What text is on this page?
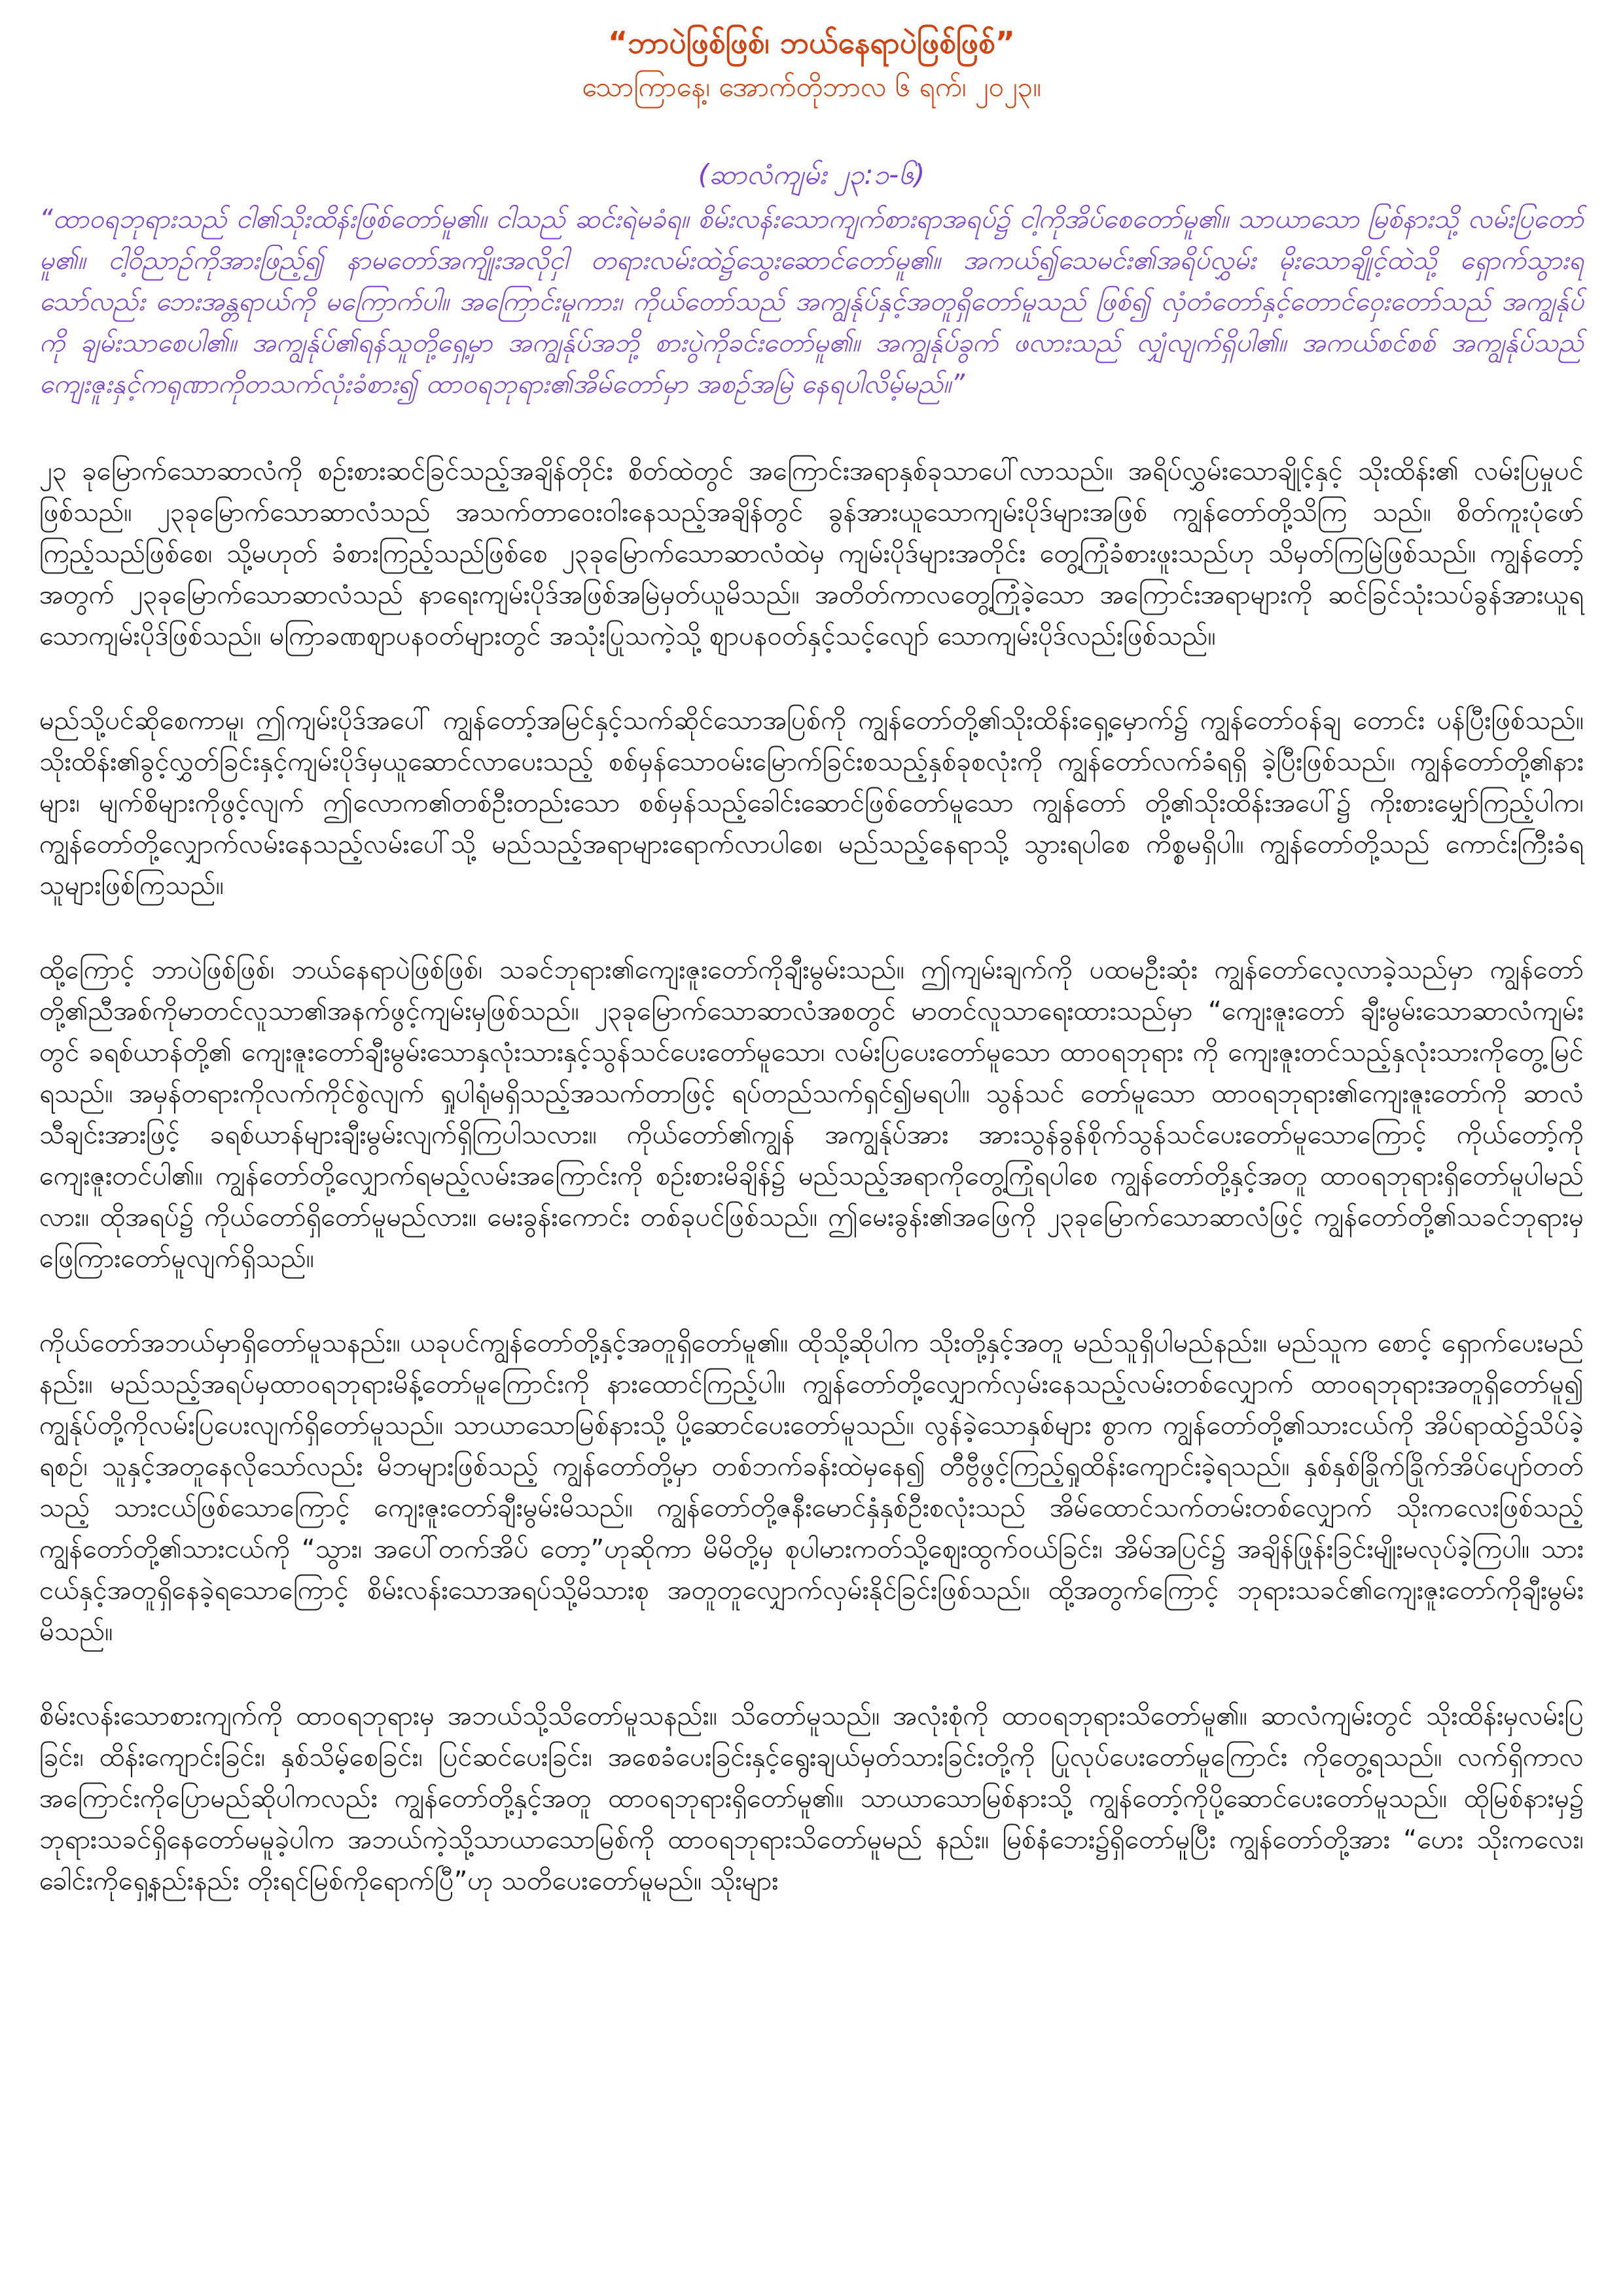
“ဘာပဲဖြစ်ဖြစ်၊ ဘယ်နေရာပဲဖြစ်ဖြစ်”

သောကြာနေ့၊ အောက်တိုဘာလ ၆ ရက်၊ ၂၀၂၃။

(ဆာလံကျမ်း ၂၃:၁-၆)

“ထာဝရဘုရားသည် ငါ၏သိုးထိန်းဖြစ်တော်မူ၏။ ငါသည် ဆင်းရဲမခံရ။ စိမ်းလန်းသောကျက်စားရာအရပ်၌ ငါ့ကိုအိပ်စေတော်မူ၏။ သာယာသော မြစ်နားသို့ လမ်းပြတော်မူ၏။ ငါ့ဝိညာဉ်ကိုအားဖြည့်၍ နာမတော်အကျိုးအလိုငှါ တရားလမ်းထဲ၌သွေးဆောင်တော်မူ၏။ အကယ်၍သေမင်း၏အရိပ်လွှမ်း မိုးသောချိုင့်ထဲသို့ ရှောက်သွားရသော်လည်း ဘေးအန္တရာယ်ကို မကြောက်ပါ။ အကြောင်းမူကား၊ ကိုယ်တော်သည် အကျွန်ုပ်နှင့်အတူရှိတော်မူသည် ဖြစ်၍ လှံတံတော်နှင့်တောင်ဝှေးတော်သည် အကျွန်ုပ်ကို ချမ်းသာစေပါ၏။ အကျွန်ုပ်၏ရန်သူတို့ရှေ့မှာ အကျွန်ုပ်အဘို့ စားပွဲကိုခင်းတော်မူ၏။ အကျွန်ုပ်ခွက် ဖလားသည် လျှံလျက်ရှိပါ၏။ အကယ်စင်စစ် အကျွန်ုပ်သည် ကျေးဇူးနှင့်ကရုဏာကိုတသက်လုံးခံစား၍ ထာဝရဘုရား၏အိမ်တော်မှာ အစဉ်အမြဲ နေရပါလိမ့်မည်။”

၂၃ ခုမြောက်သောဆာလံကို စဉ်းစားဆင်ခြင်သည့်အချိန်တိုင်း စိတ်ထဲတွင် အကြောင်းအရာနှစ်ခုသာပေါ်လာသည်။ အရိပ်လွှမ်းသောချိုင့်နှင့် သိုးထိန်း၏ လမ်းပြမှုပင်ဖြစ်သည်။ ၂၃ခုမြောက်သောဆာလံသည် အသက်တာဝေးဝါးနေသည့်အချိန်တွင် ခွန်အားယူသောကျမ်းပိုဒ်များအဖြစ် ကျွန်တော်တို့သိကြ သည်။ စိတ်ကူးပုံဖော်ကြည့်သည်ဖြစ်စေ၊ သို့မဟုတ် ခံစားကြည့်သည်ဖြစ်စေ ၂၃ခုမြောက်သောဆာလံထဲမှ ကျမ်းပိုဒ်များအတိုင်း တွေ့ကြုံခံစားဖူးသည်ဟု သိမှတ်ကြမြဲဖြစ်သည်။ ကျွန်တော့်အတွက် ၂၃ခုမြောက်သောဆာလံသည် နာရေးကျမ်းပိုဒ်အဖြစ်အမြဲမှတ်ယူမိသည်။ အတိတ်ကာလတွေ့ကြုံခဲ့သော အကြောင်းအရာများကို ဆင်ခြင်သုံးသပ်ခွန်အားယူရသောကျမ်းပိုဒ်ဖြစ်သည်။ မကြာခဏစျာပနဝတ်များတွင် အသုံးပြုသကဲ့သို့ စျာပနဝတ်နှင့်သင့်လျော် သောကျမ်းပိုဒ်လည်းဖြစ်သည်။

မည်သို့ပင်ဆိုစေကာမူ၊ ဤကျမ်းပိုဒ်အပေါ် ကျွန်တော့်အမြင်နှင့်သက်ဆိုင်သောအပြစ်ကို ကျွန်တော်တို့၏သိုးထိန်းရှေ့မှောက်၌ ကျွန်တော်ဝန်ချ တောင်း ပန်ပြီးဖြစ်သည်။ သိုးထိန်း၏ခွင့်လွှတ်ခြင်းနှင့်ကျမ်းပိုဒ်မှယူဆောင်လာပေးသည့် စစ်မှန်သောဝမ်းမြောက်ခြင်းစသည့်နှစ်ခုစလုံးကို ကျွန်တော်လက်ခံရရှိ ခဲ့ပြီးဖြစ်သည်။ ကျွန်တော်တို့၏နားများ၊ မျက်စိများကိုဖွင့်လျက် ဤလောက၏တစ်ဦးတည်းသော စစ်မှန်သည့်ခေါင်းဆောင်ဖြစ်တော်မူသော ကျွန်တော် တို့၏သိုးထိန်းအပေါ်၌ ကိုးစားမျှော်ကြည့်ပါက၊ ကျွန်တော်တို့လျှောက်လမ်းနေသည့်လမ်းပေါ်သို့ မည်သည့်အရာများရောက်လာပါစေ၊ မည်သည့်နေရာသို့ သွားရပါစေ ကိစ္စမရှိပါ။ ကျွန်တော်တို့သည် ကောင်းကြီးခံရသူများဖြစ်ကြသည်။

ထို့ကြောင့် ဘာပဲဖြစ်ဖြစ်၊ ဘယ်နေရာပဲဖြစ်ဖြစ်၊ သခင်ဘုရား၏ကျေးဇူးတော်ကိုချီးမွမ်းသည်။ ဤကျမ်းချက်ကို ပထမဦးဆုံး ကျွန်တော်လေ့လာခဲ့သည်မှာ ကျွန်တော်တို့၏ညီအစ်ကိုမာတင်လူသာ၏အနက်ဖွင့်ကျမ်းမှဖြစ်သည်။ ၂၃ခုမြောက်သောဆာလံအစတွင် မာတင်လူသာရေးထားသည်မှာ “ကျေးဇူးတော် ချီးမွမ်းသောဆာလံကျမ်းတွင် ခရစ်ယာန်တို့၏ ကျေးဇူးတော်ချီးမွမ်းသောနှလုံးသားနှင့်သွန်သင်ပေးတော်မူသော၊ လမ်းပြပေးတော်မူသော ထာဝရဘုရား ကို ကျေးဇူးတင်သည့်နှလုံးသားကိုတွေ့မြင်ရသည်။ အမှန်တရားကိုလက်ကိုင်စွဲလျက် ရှုပါရုံမရှိသည့်အသက်တာဖြင့် ရပ်တည်သက်ရှင်၍မရပါ။ သွန်သင် တော်မူသော ထာဝရဘုရား၏ကျေးဇူးတော်ကို ဆာလံသီချင်းအားဖြင့် ခရစ်ယာန်များချီးမွမ်းလျက်ရှိကြပါသလား။ ကိုယ်တော်၏ကျွန် အကျွန်ုပ်အား အားသွန်ခွန်စိုက်သွန်သင်ပေးတော်မူသောကြောင့် ကိုယ်တော့်ကိုကျေးဇူးတင်ပါ၏။ ကျွန်တော်တို့လျှောက်ရမည့်လမ်းအကြောင်းကို စဉ်းစားမိချိန်၌ မည်သည့်အရာကိုတွေ့ကြုံရပါစေ ကျွန်တော်တို့နှင့်အတူ ထာဝရဘုရားရှိတော်မူပါမည်လား။ ထိုအရပ်၌ ကိုယ်တော်ရှိတော်မူမည်လား။ မေးခွန်းကောင်း တစ်ခုပင်ဖြစ်သည်။ ဤမေးခွန်း၏အဖြေကို ၂၃ခုမြောက်သောဆာလံဖြင့် ကျွန်တော်တို့၏သခင်ဘုရားမှ ဖြေကြားတော်မူလျက်ရှိသည်။

ကိုယ်တော်အဘယ်မှာရှိတော်မူသနည်း။ ယခုပင်ကျွန်တော်တို့နှင့်အတူရှိတော်မူ၏။ ထိုသို့ဆိုပါက သိုးတို့နှင့်အတူ မည်သူရှိပါမည်နည်း။ မည်သူက စောင့် ရှောက်ပေးမည်နည်း။ မည်သည့်အရပ်မှထာဝရဘုရားမိန့်တော်မူကြောင်းကို နားထောင်ကြည့်ပါ။ ကျွန်တော်တို့လျှောက်လှမ်းနေသည့်လမ်းတစ်လျှောက် ထာဝရဘုရားအတူရှိတော်မူ၍ ကျွန်ုပ်တို့ကိုလမ်းပြပေးလျက်ရှိတော်မူသည်။ သာယာသောမြစ်နားသို့ ပို့ဆောင်ပေးတော်မူသည်။ လွန်ခဲ့သောနှစ်များ စွာက ကျွန်တော်တို့၏သားငယ်ကို အိပ်ရာထဲ၌သိပ်ခဲ့ရစဉ်၊ သူနှင့်အတူနေလိုသော်လည်း မိဘများဖြစ်သည့် ကျွန်တော်တို့မှာ တစ်ဘက်ခန်းထဲမှနေ၍ တီဗွီဖွင့်ကြည့်ရှုထိန်းကျောင်းခဲ့ရသည်။ နှစ်နှစ်ခြိုက်ခြိုက်အိပ်ပျော်တတ်သည့် သားငယ်ဖြစ်သောကြောင့် ကျေးဇူးတော်ချီးမွမ်းမိသည်။ ကျွန်တော်တို့ဇနီးမောင်နှံနှစ်ဦးစလုံးသည် အိမ်ထောင်သက်တမ်းတစ်လျှောက် သိုးကလေးဖြစ်သည့်ကျွန်တော်တို့၏သားငယ်ကို “သွား၊ အပေါ်တက်အိပ် တော့”ဟုဆိုကာ မိမိတို့မှ စုပါမားကတ်သို့ဈေးထွက်ဝယ်ခြင်း၊ အိမ်အပြင်၌ အချိန်ဖြုန်းခြင်းမျိုးမလုပ်ခဲ့ကြပါ။ သားငယ်နှင့်အတူရှိနေခဲ့ရသောကြောင့် စိမ်းလန်းသောအရပ်သို့မိသားစု အတူတူလျှောက်လှမ်းနိုင်ခြင်းဖြစ်သည်။ ထို့အတွက်ကြောင့် ဘုရားသခင်၏ကျေးဇူးတော်ကိုချီးမွမ်းမိသည်။

စိမ်းလန်းသောစားကျက်ကို ထာဝရဘုရားမှ အဘယ်သို့သိတော်မူသနည်း။ သိတော်မူသည်။ အလုံးစုံကို ထာဝရဘုရားသိတော်မူ၏။ ဆာလံကျမ်းတွင် သိုးထိန်းမှလမ်းပြခြင်း၊ ထိန်းကျောင်းခြင်း၊ နှစ်သိမ့်စေခြင်း၊ ပြင်ဆင်ပေးခြင်း၊ အစေခံပေးခြင်းနှင့်ရွေးချယ်မှတ်သားခြင်းတို့ကို ပြုလုပ်ပေးတော်မူကြောင်း ကိုတွေ့ရသည်။ လက်ရှိကာလအကြောင်းကိုပြောမည်ဆိုပါကလည်း ကျွန်တော်တို့နှင့်အတူ ထာဝရဘုရားရှိတော်မူ၏။ သာယာသောမြစ်နားသို့ ကျွန်တော့်ကိုပို့ဆောင်ပေးတော်မူသည်။ ထိုမြစ်နားမှ၌ ဘုရားသခင်ရှိနေတော်မမူခဲ့ပါက အဘယ်ကဲ့သို့သာယာသောမြစ်ကို ထာဝရဘုရားသိတော်မူမည် နည်း။ မြစ်နံဘေး၌ရှိတော်မူပြီး ကျွန်တော်တို့အား “ဟေး သိုးကလေး၊ ခေါင်းကိုရှေ့နည်းနည်း တိုးရင်မြစ်ကိုရောက်ပြီ”ဟု သတိပေးတော်မူမည်။ သိုးများ
